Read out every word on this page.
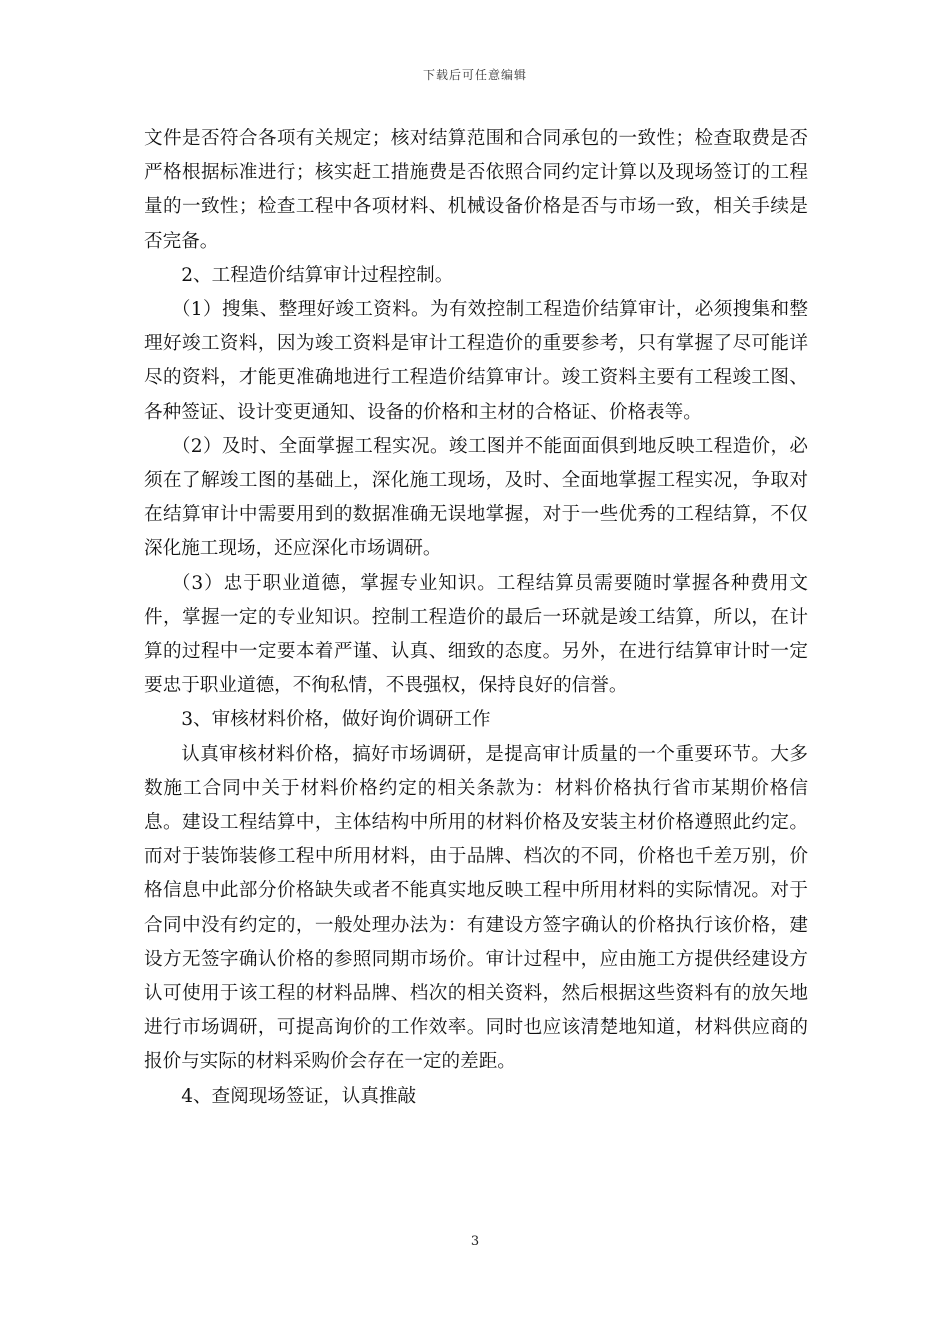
下载后可任意编辑

文件是否符合各项有关规定；核对结算范围和合同承包的一致性；检查取费是否严格根据标准进行；核实赶工措施费是否依照合同约定计算以及现场签订的工程量的一致性；检查工程中各项材料、机械设备价格是否与市场一致，相关手续是否完备。

2、工程造价结算审计过程控制。

（1）搜集、整理好竣工资料。为有效控制工程造价结算审计，必须搜集和整理好竣工资料，因为竣工资料是审计工程造价的重要参考，只有掌握了尽可能详尽的资料，才能更准确地进行工程造价结算审计。竣工资料主要有工程竣工图、各种签证、设计变更通知、设备的价格和主材的合格证、价格表等。

（2）及时、全面掌握工程实况。竣工图并不能面面俱到地反映工程造价，必须在了解竣工图的基础上，深化施工现场，及时、全面地掌握工程实况，争取对在结算审计中需要用到的数据准确无误地掌握，对于一些优秀的工程结算，不仅深化施工现场，还应深化市场调研。

（3）忠于职业道德，掌握专业知识。工程结算员需要随时掌握各种费用文件，掌握一定的专业知识。控制工程造价的最后一环就是竣工结算，所以，在计算的过程中一定要本着严谨、认真、细致的态度。另外，在进行结算审计时一定要忠于职业道德，不徇私情，不畏强权，保持良好的信誉。

3、审核材料价格，做好询价调研工作

认真审核材料价格，搞好市场调研，是提高审计质量的一个重要环节。大多数施工合同中关于材料价格约定的相关条款为：材料价格执行省市某期价格信息。建设工程结算中，主体结构中所用的材料价格及安装主材价格遵照此约定。而对于装饰装修工程中所用材料，由于品牌、档次的不同，价格也千差万别，价格信息中此部分价格缺失或者不能真实地反映工程中所用材料的实际情况。对于合同中没有约定的，一般处理办法为：有建设方签字确认的价格执行该价格，建设方无签字确认价格的参照同期市场价。审计过程中，应由施工方提供经建设方认可使用于该工程的材料品牌、档次的相关资料，然后根据这些资料有的放矢地进行市场调研，可提高询价的工作效率。同时也应该清楚地知道，材料供应商的报价与实际的材料采购价会存在一定的差距。

4、查阅现场签证，认真推敲

3
